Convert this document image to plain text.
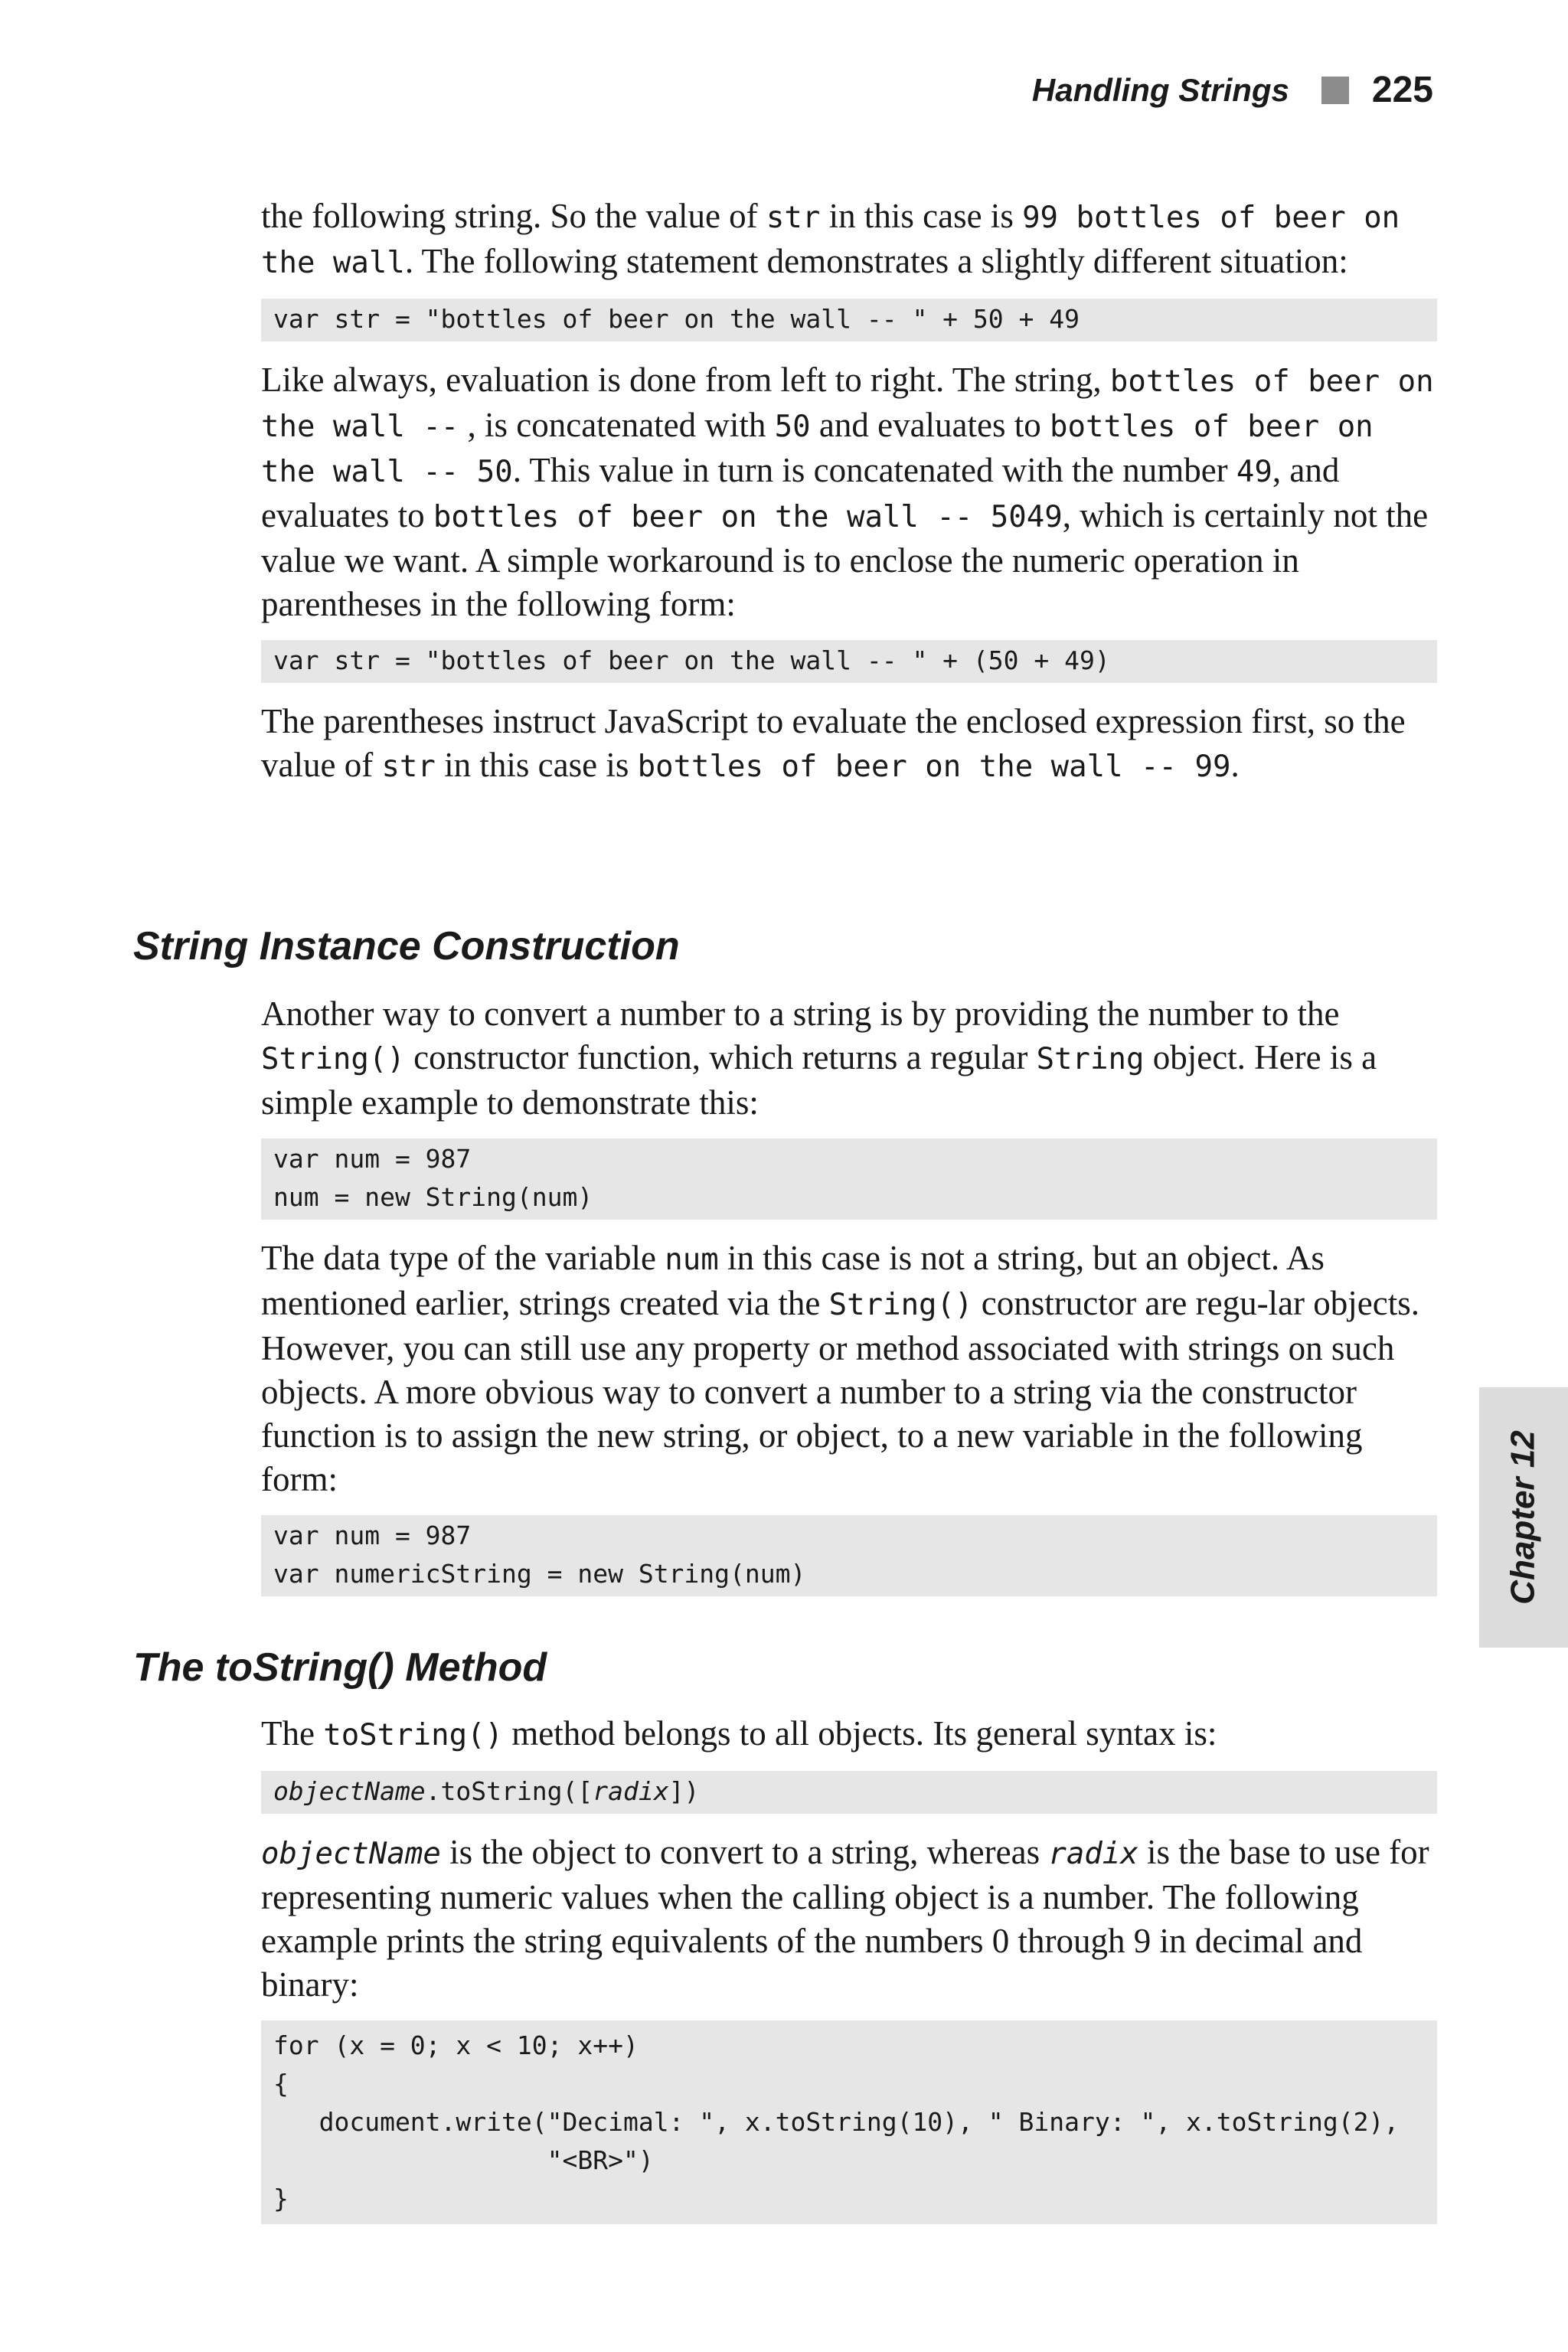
Handling Strings 225

the following string. So the value of str in this case is 99 bottles of beer on the wall. The following statement demonstrates a slightly different situation:

var str = "bottles of beer on the wall -- " + 50 + 49

Like always, evaluation is done from left to right. The string, bottles of beer on the wall -- , is concatenated with 50 and evaluates to bottles of beer on the wall -- 50. This value in turn is concatenated with the number 49, and evaluates to bottles of beer on the wall -- 5049, which is certainly not the value we want. A simple workaround is to enclose the numeric operation in parentheses in the following form:

var str = "bottles of beer on the wall -- " + (50 + 49)

The parentheses instruct JavaScript to evaluate the enclosed expression first, so the value of str in this case is bottles of beer on the wall -- 99.

String Instance Construction

Another way to convert a number to a string is by providing the number to the String() constructor function, which returns a regular String object. Here is a simple example to demonstrate this:

var num = 987
num = new String(num)

The data type of the variable num in this case is not a string, but an object. As mentioned earlier, strings created via the String() constructor are regu-lar objects. However, you can still use any property or method associated with strings on such objects. A more obvious way to convert a number to a string via the constructor function is to assign the new string, or object, to a new variable in the following form:

var num = 987
var numericString = new String(num)	Chapter 12
The toString() Method

The toString() method belongs to all objects. Its general syntax is:

objectName.toString([radix])

objectName is the object to convert to a string, whereas radix is the base to use for representing numeric values when the calling object is a number. The following example prints the string equivalents of the numbers 0 through 9 in decimal and binary:

for (x = 0; x < 10; x++)
{
document.write("Decimal: ", x.toString(10), " Binary: ", x.toString(2),
"<BR>")
}
